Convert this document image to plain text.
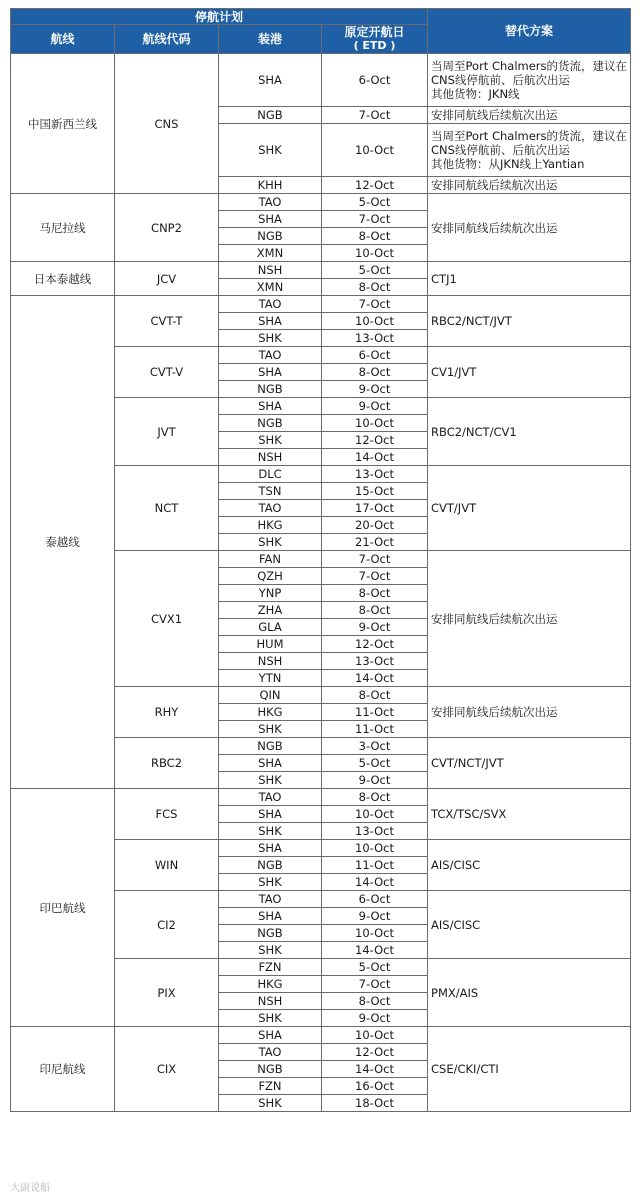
停航计划				替代方案
航线	航线代码	装港	原定开航日
( ETD )	

中国新西兰线	CNS	SHA	6-Oct	当周至Port Chalmers的货流，建议在CNS线停航前、后航次出运
其他货物：JKN线
		NGB	7-Oct	安排同航线后续航次出运
		SHK	10-Oct	当周至Port Chalmers的货流，建议在CNS线停航前、后航次出运
其他货物：从JKN线上Yantian
		KHH	12-Oct	安排同航线后续航次出运
马尼拉线	CNP2	TAO	5-Oct	安排同航线后续航次出运
		SHA	7-Oct	
		NGB	8-Oct	
		XMN	10-Oct	
日本泰越线	JCV	NSH	5-Oct	CTJ1
		XMN	8-Oct	
泰越线	CVT-T	TAO	7-Oct	RBC2/NCT/JVT
		SHA	10-Oct	
		SHK	13-Oct	
	CVT-V	TAO	6-Oct	CV1/JVT
		SHA	8-Oct	
		NGB	9-Oct	
	JVT	SHA	9-Oct	RBC2/NCT/CV1
		NGB	10-Oct	
		SHK	12-Oct	
		NSH	14-Oct	
	NCT	DLC	13-Oct	CVT/JVT
		TSN	15-Oct	
		TAO	17-Oct	
		HKG	20-Oct	
		SHK	21-Oct	
	CVX1	FAN	7-Oct	安排同航线后续航次出运
		QZH	7-Oct	
		YNP	8-Oct	
		ZHA	8-Oct	
		GLA	9-Oct	
		HUM	12-Oct	
		NSH	13-Oct	
		YTN	14-Oct	
	RHY	QIN	8-Oct	安排同航线后续航次出运
		HKG	11-Oct	
		SHK	11-Oct	
	RBC2	NGB	3-Oct	CVT/NCT/JVT
		SHA	5-Oct	
		SHK	9-Oct	
印巴航线	FCS	TAO	8-Oct	TCX/TSC/SVX
		SHA	10-Oct	
		SHK	13-Oct	
	WIN	SHA	10-Oct	AIS/CISC
		NGB	11-Oct	
		SHK	14-Oct	
	CI2	TAO	6-Oct	AIS/CISC
		SHA	9-Oct	
		NGB	10-Oct	
		SHK	14-Oct	
	PIX	FZN	5-Oct	PMX/AIS
		HKG	7-Oct	
		NSH	8-Oct	
		SHK	9-Oct	
印尼航线	CIX	SHA	10-Oct	CSE/CKI/CTI
		TAO	12-Oct	
		NGB	14-Oct	
		FZN	16-Oct	
		SHK	18-Oct	
大副说船
